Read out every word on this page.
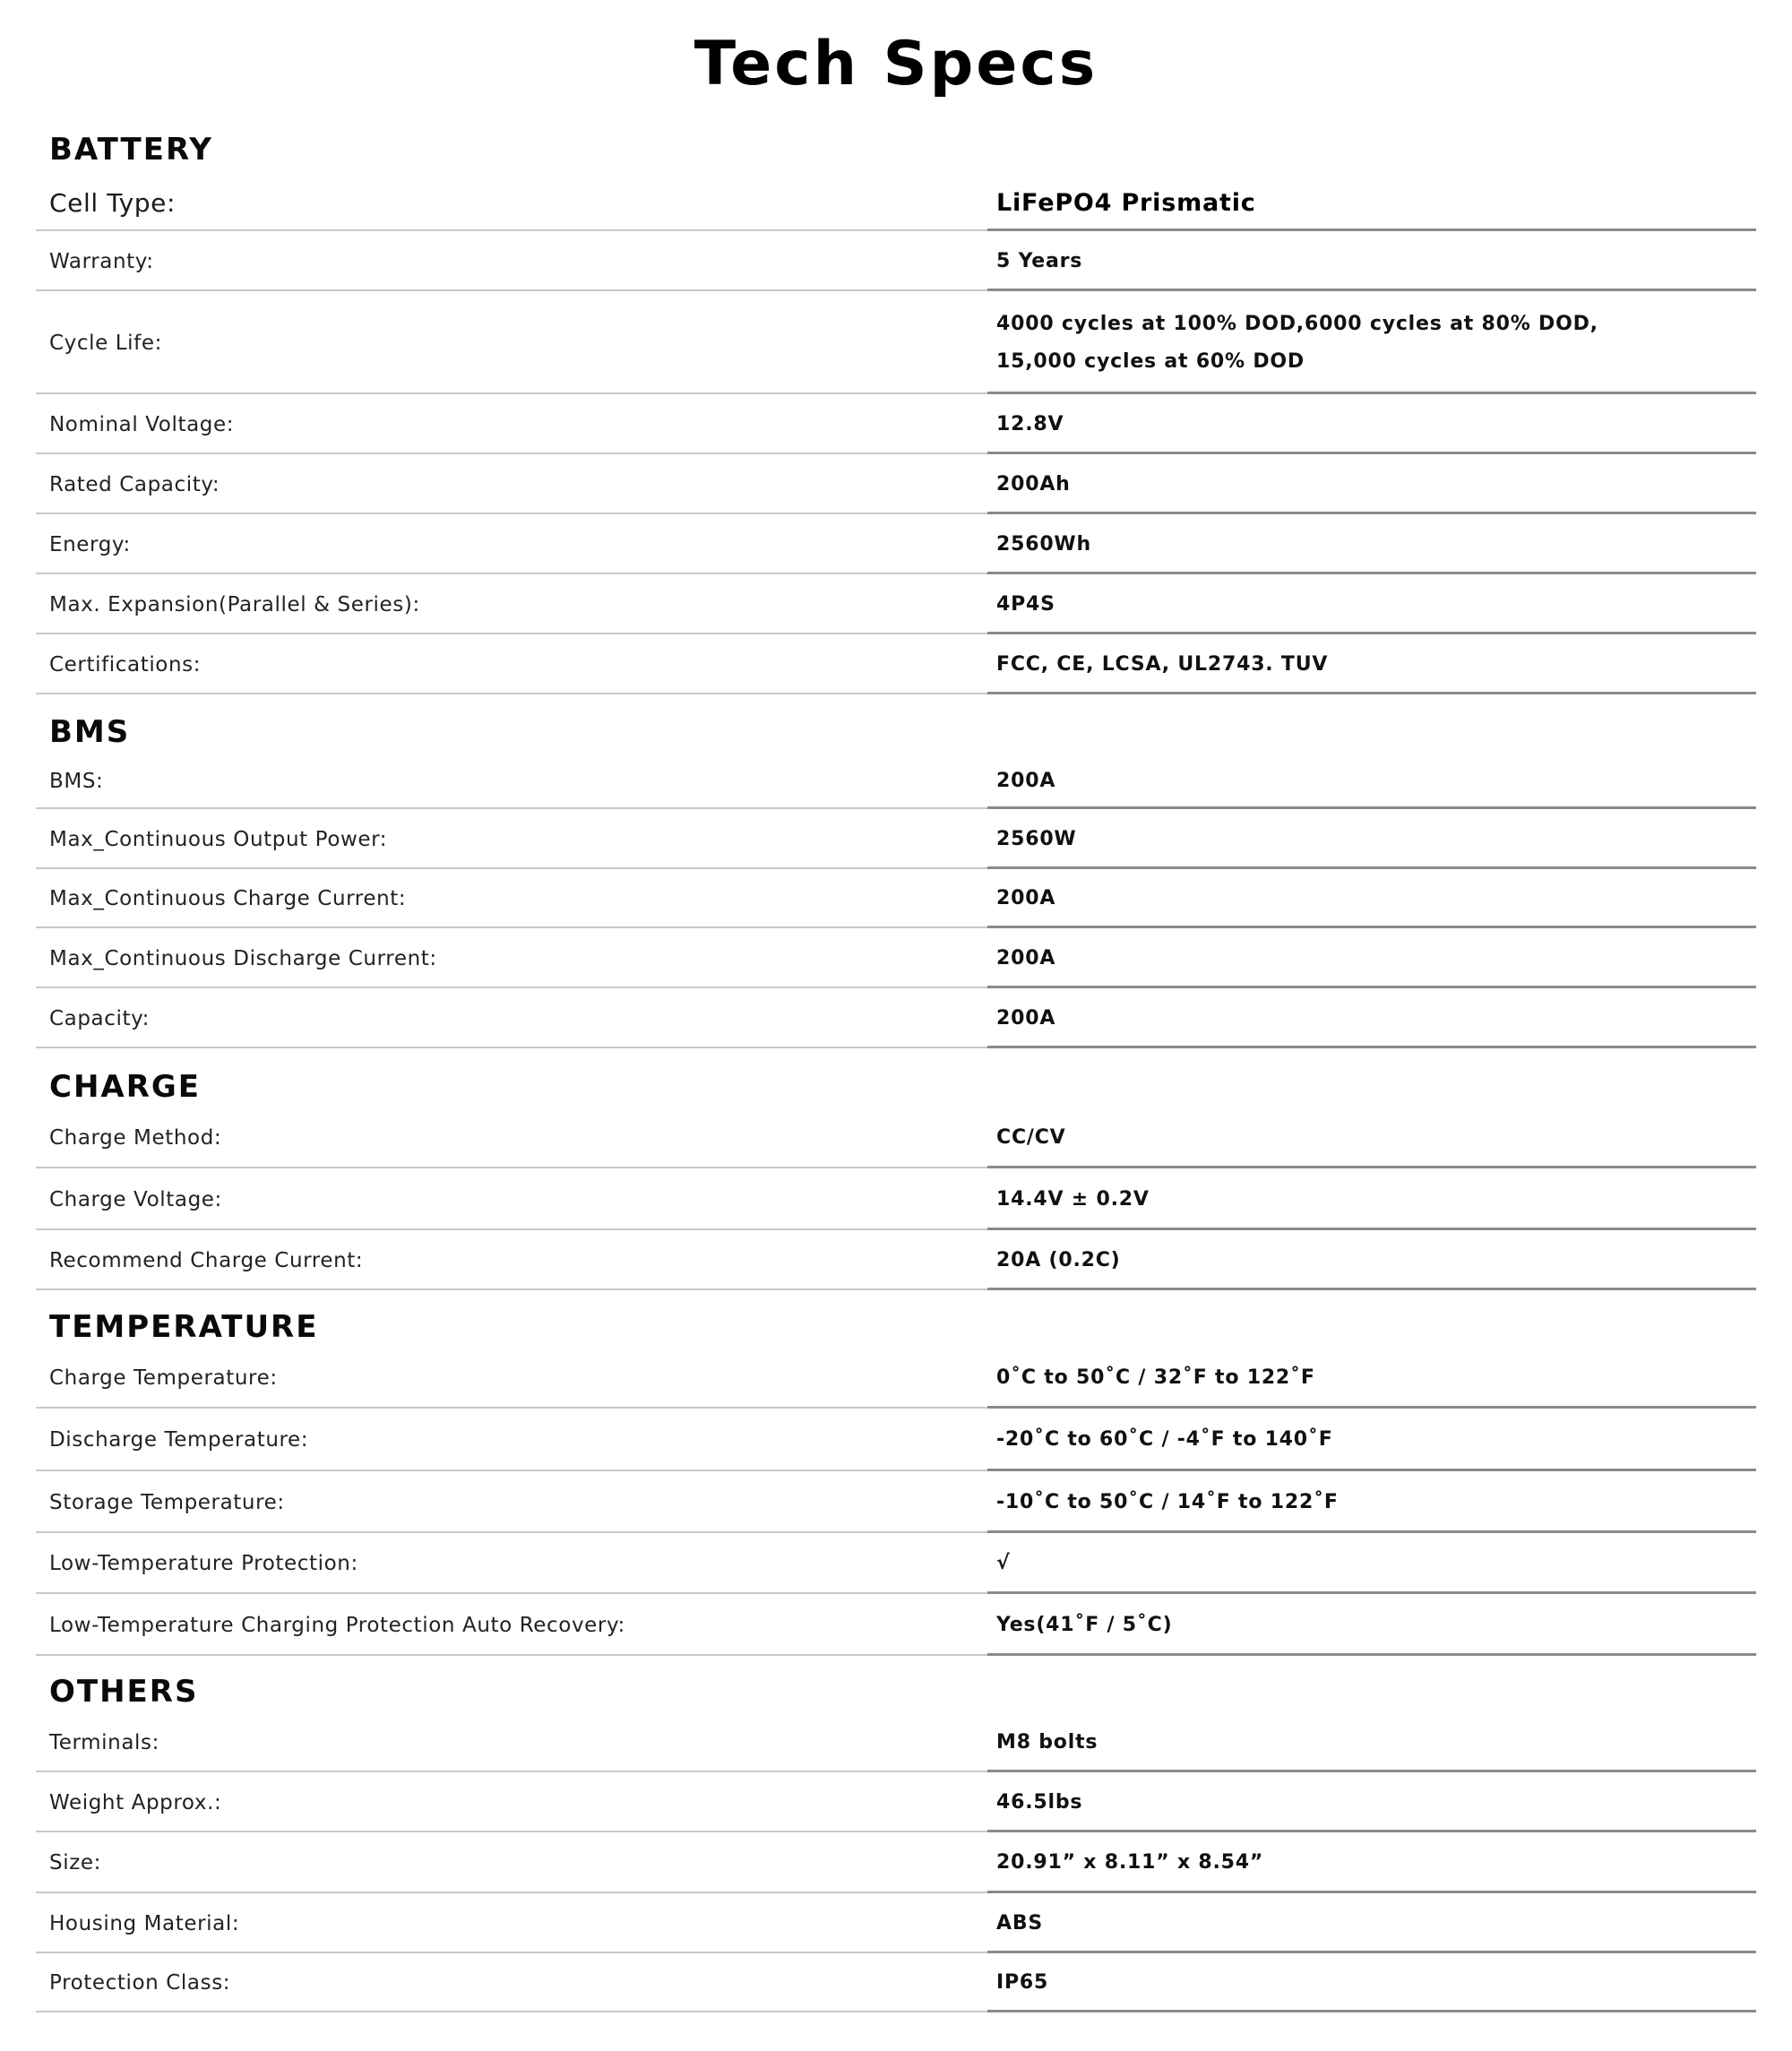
Tech Specs
BATTERY
Cell Type:	LiFePO4 Prismatic
Warranty:	5 Years
Cycle Life:
4000 cycles at 100% DOD,6000 cycles at 80% DOD,
15,000 cycles at 60% DOD
Nominal Voltage:	12.8V
Rated Capacity:	200Ah
Energy:	2560Wh
Max. Expansion(Parallel & Series):	4P4S
Certifications:	FCC, CE, LCSA, UL2743. TUV
BMS
BMS:	200A
Max_Continuous Output Power:	2560W
Max_Continuous Charge Current:	200A
Max_Continuous Discharge Current:	200A
Capacity:	200A
CHARGE
Charge Method:	CC/CV
Charge Voltage:	14.4V ± 0.2V
Recommend Charge Current:	20A (0.2C)
TEMPERATURE
Charge Temperature:	0˚C to 50˚C / 32˚F to 122˚F
Discharge Temperature:	-20˚C to 60˚C / -4˚F to 140˚F
Storage Temperature:	-10˚C to 50˚C / 14˚F to 122˚F
Low-Temperature Protection:	√
Low-Temperature Charging Protection Auto Recovery:	Yes(41˚F / 5˚C)
OTHERS
Terminals:	M8 bolts
Weight Approx.:	46.5lbs
Size:	20.91” x 8.11” x 8.54”
Housing Material:	ABS
Protection Class:	IP65
